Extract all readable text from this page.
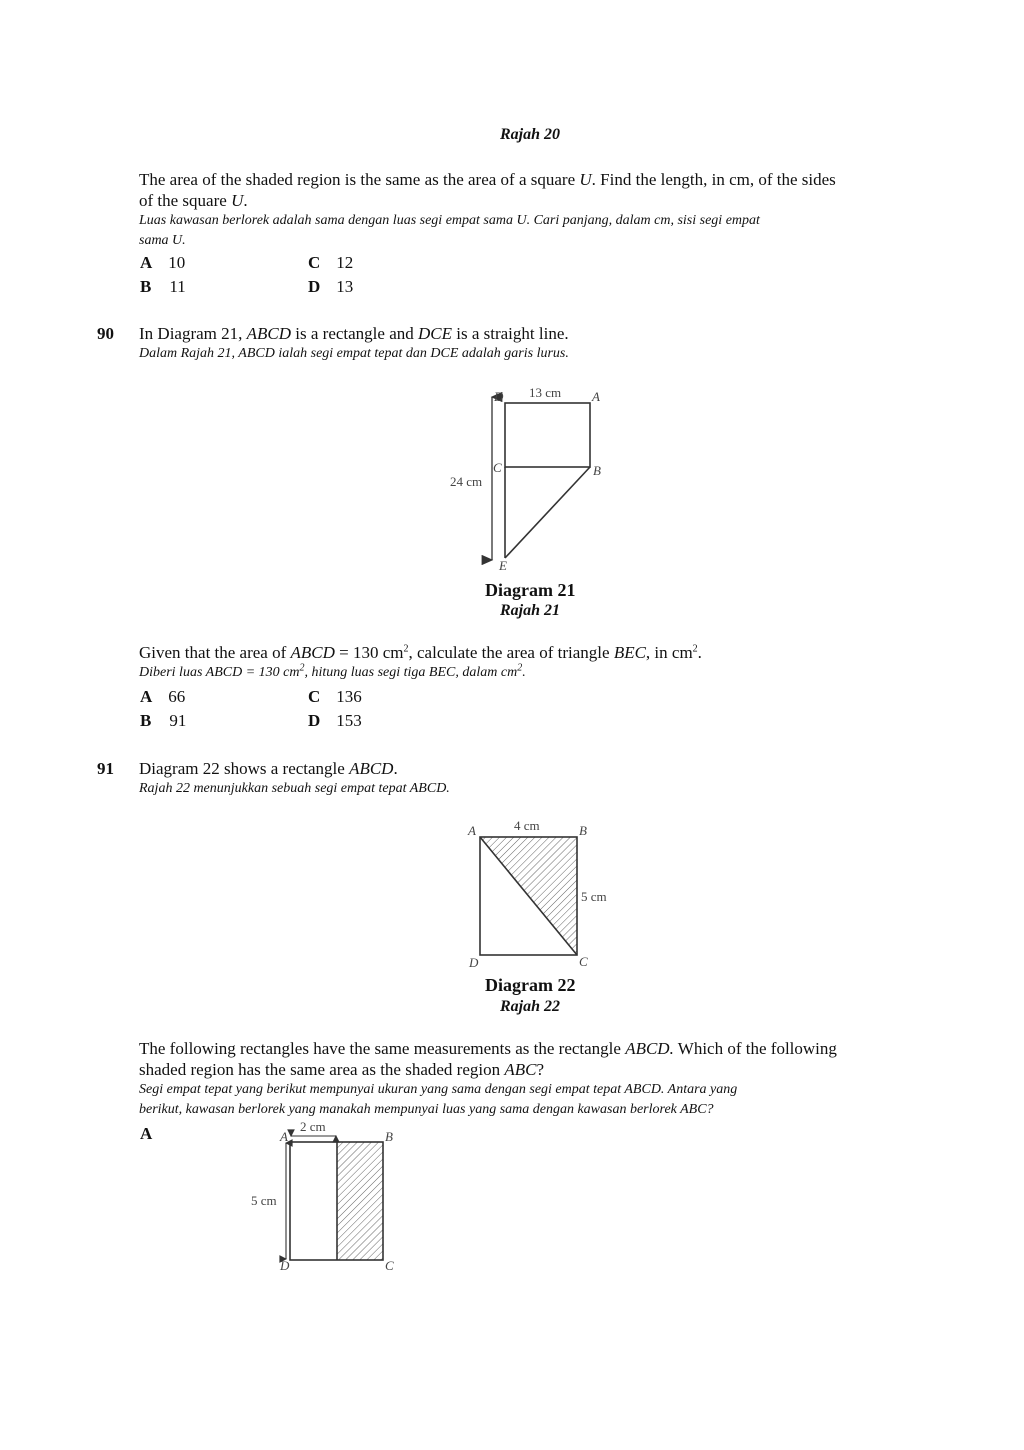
Rajah 20
The area of the shaded region is the same as the area of a square U. Find the length, in cm, of the sides
of the square U.
Luas kawasan berlorek adalah sama dengan luas segi empat sama U. Cari panjang, dalam cm, sisi segi empat
sama U.
A 10	C 12
B 11	D 13
90 In Diagram 21, ABCD is a rectangle and DCE is a straight line.
Dalam Rajah 21, ABCD ialah segi empat tepat dan DCE adalah garis lurus.
D	A
C	B
E
13 cm
24 cm
Diagram 21
Rajah 21
Given that the area of ABCD = 130 $cm^2$, calculate the area of triangle BEC, in $cm^2$.
Diberi luas ABCD = 130 $cm^2$, hitung luas segi tiga BEC, dalam $cm^2$.
A 66	C 136
B 91	D 153
91 Diagram 22 shows a rectangle ABCD.
Rajah 22 menunjukkan sebuah segi empat tepat ABCD.
A	B
C
D
4 cm
5 cm
Diagram 22
Rajah 22
The following rectangles have the same measurements as the rectangle ABCD. Which of the following
shaded region has the same area as the shaded region ABC?
Segi empat tepat yang berikut mempunyai ukuran yang sama dengan segi empat tepat ABCD. Antara yang
berikut, kawasan berlorek yang manakah mempunyai luas yang sama dengan kawasan berlorek ABC?
A	A	B
C
D
2 cm
5 cm
